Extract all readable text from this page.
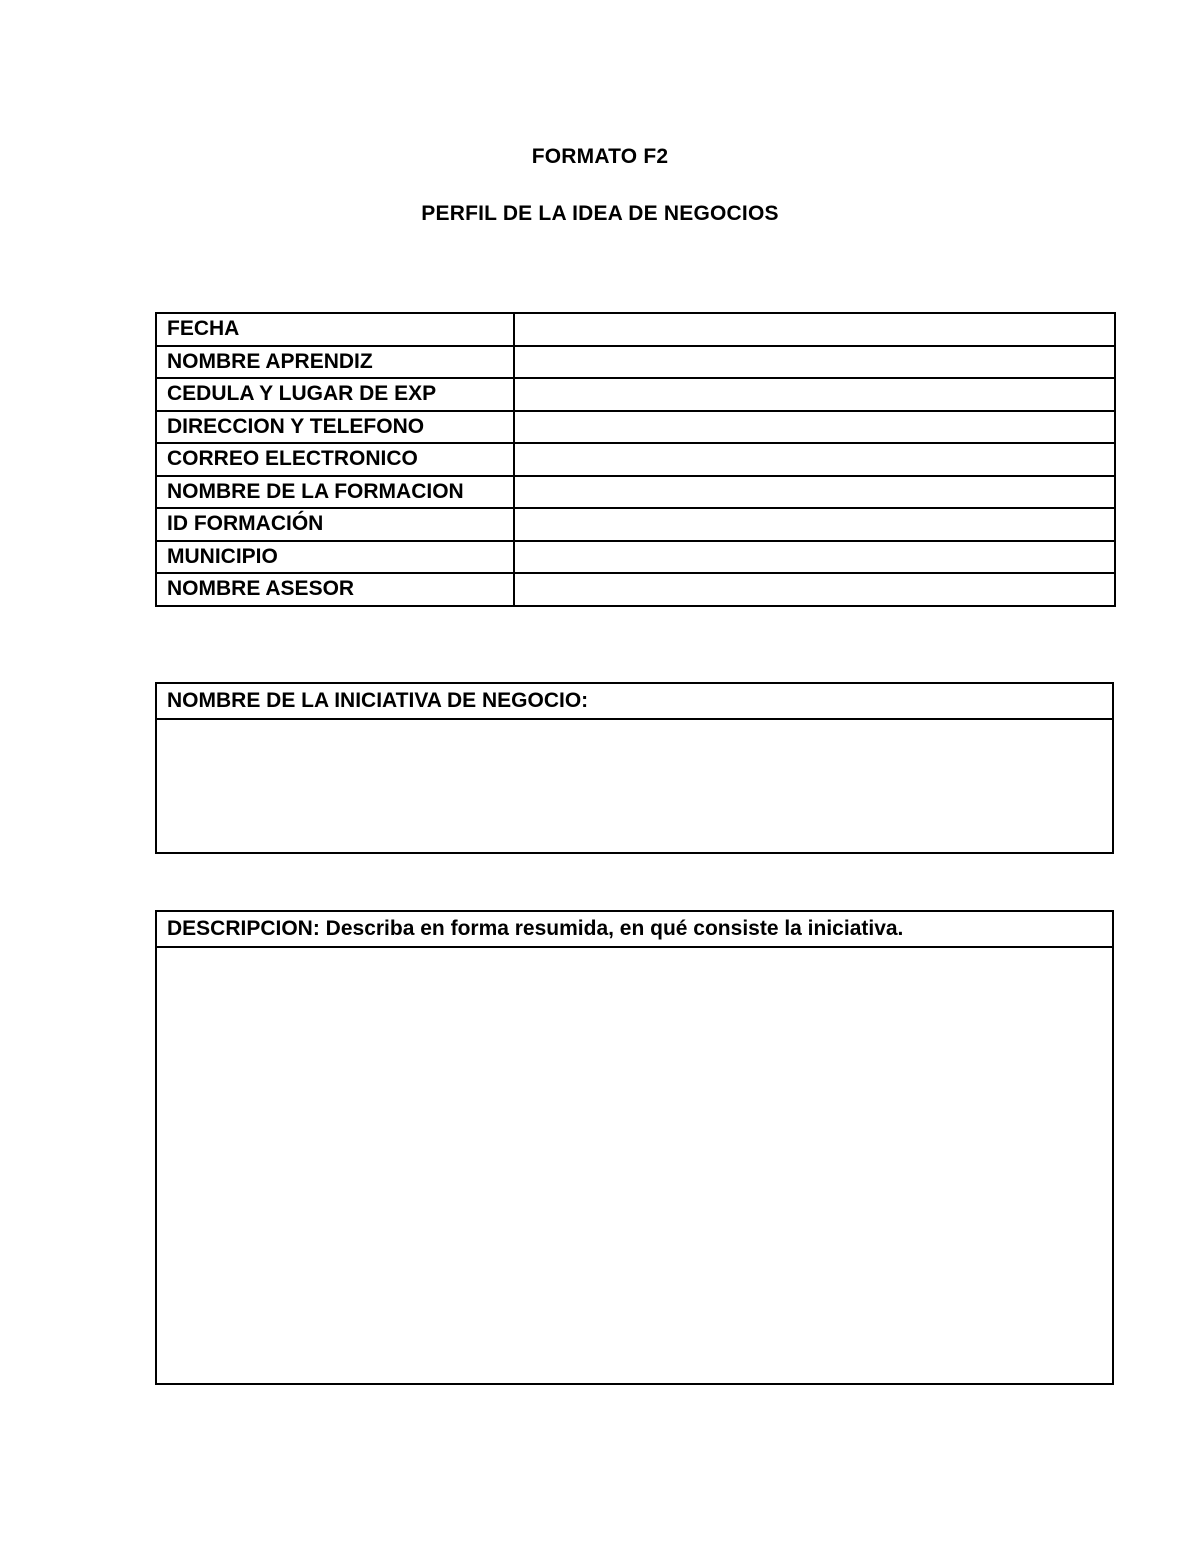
FORMATO F2
PERFIL DE LA IDEA DE NEGOCIOS
FECHA	
NOMBRE APRENDIZ	
CEDULA Y LUGAR DE EXP	
DIRECCION Y TELEFONO	
CORREO ELECTRONICO	
NOMBRE DE LA FORMACION	
ID FORMACIÓN	
MUNICIPIO	
NOMBRE ASESOR	
NOMBRE DE LA INICIATIVA DE NEGOCIO:
DESCRIPCION: Describa en forma resumida, en qué consiste la iniciativa.
